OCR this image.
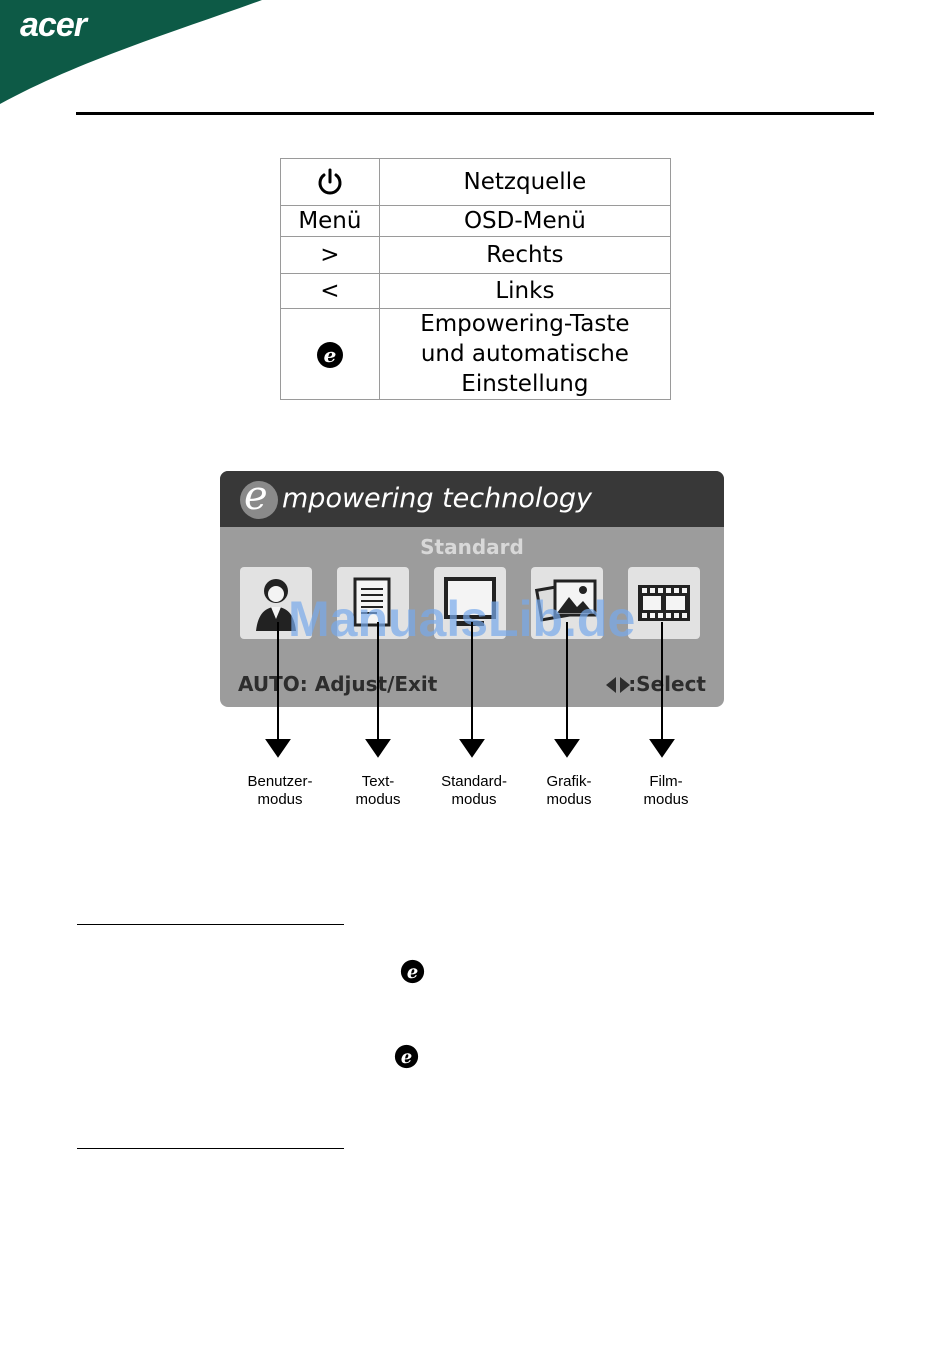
acer
	Netzquelle
Menü	OSD-Menü
>	Rechts
<	Links

e	Empowering-Taste
und automatische
Einstellung
e mpowering technology
Standard
AUTO: Adjust/Exit	:Select
ManualsLib.de
Benutzer-
modus
Text-
modus
Standard-
modus
Grafik-
modus
Film-
modus
e
e
